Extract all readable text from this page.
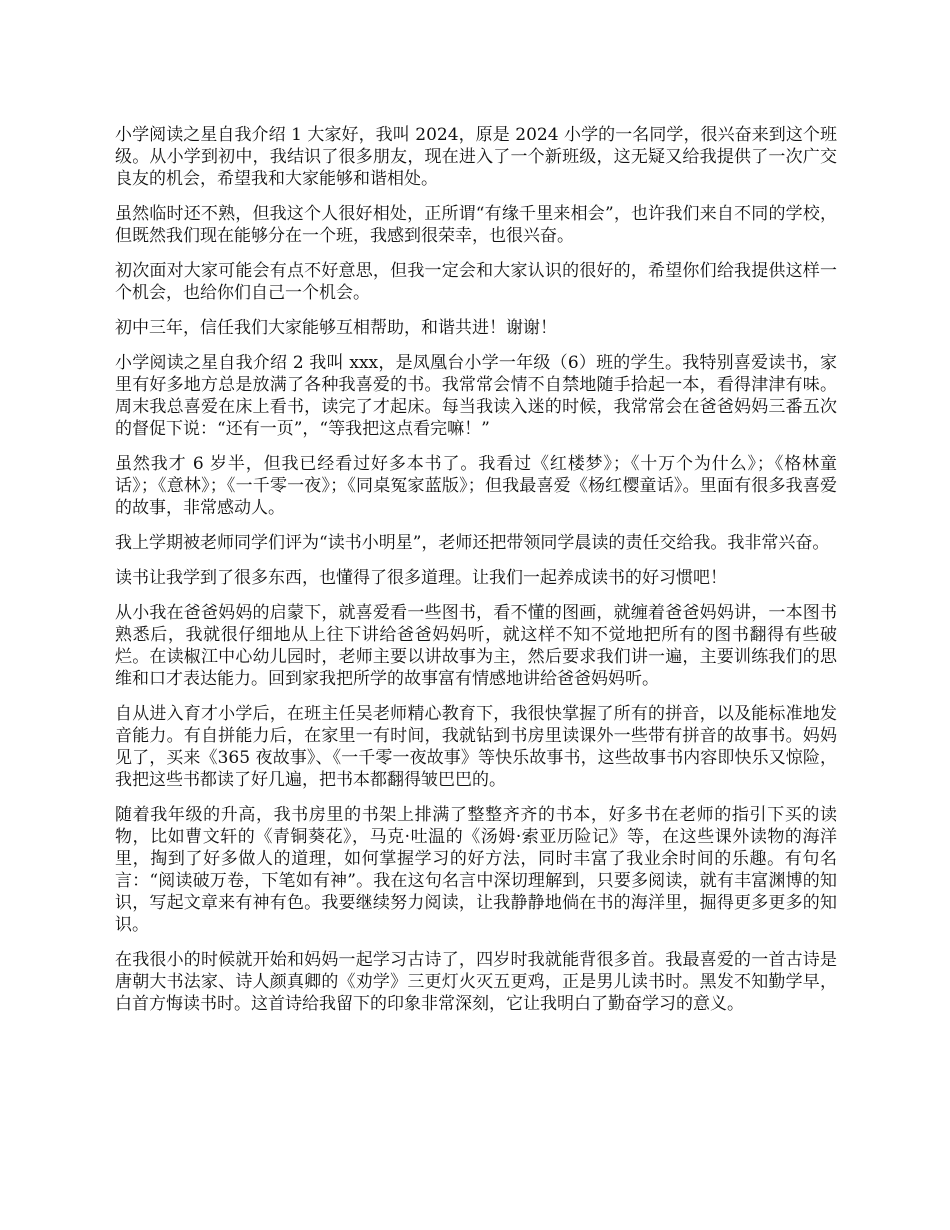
小学阅读之星自我介绍 1 大家好，我叫 2024，原是 2024 小学的一名同学，很兴奋来到这个班级。从小学到初中，我结识了很多朋友，现在进入了一个新班级，这无疑又给我提供了一次广交良友的机会，希望我和大家能够和谐相处。

虽然临时还不熟，但我这个人很好相处，正所谓“有缘千里来相会”，也许我们来自不同的学校，但既然我们现在能够分在一个班，我感到很荣幸，也很兴奋。

初次面对大家可能会有点不好意思，但我一定会和大家认识的很好的，希望你们给我提供这样一个机会，也给你们自己一个机会。

初中三年，信任我们大家能够互相帮助，和谐共进！谢谢！

小学阅读之星自我介绍 2 我叫 xxx，是凤凰台小学一年级（6）班的学生。我特别喜爱读书，家里有好多地方总是放满了各种我喜爱的书。我常常会情不自禁地随手拾起一本，看得津津有味。周末我总喜爱在床上看书，读完了才起床。每当我读入迷的时候，我常常会在爸爸妈妈三番五次的督促下说：“还有一页”，“等我把这点看完嘛！”

虽然我才 6 岁半，但我已经看过好多本书了。我看过《红楼梦》；《十万个为什么》；《格林童话》；《意林》；《一千零一夜》；《同桌冤家蓝版》；但我最喜爱《杨红樱童话》。里面有很多我喜爱的故事，非常感动人。

我上学期被老师同学们评为“读书小明星”，老师还把带领同学晨读的责任交给我。我非常兴奋。

读书让我学到了很多东西，也懂得了很多道理。让我们一起养成读书的好习惯吧！

从小我在爸爸妈妈的启蒙下，就喜爱看一些图书，看不懂的图画，就缠着爸爸妈妈讲，一本图书熟悉后，我就很仔细地从上往下讲给爸爸妈妈听，就这样不知不觉地把所有的图书翻得有些破烂。在读椒江中心幼儿园时，老师主要以讲故事为主，然后要求我们讲一遍，主要训练我们的思维和口才表达能力。回到家我把所学的故事富有情感地讲给爸爸妈妈听。

自从进入育才小学后，在班主任吴老师精心教育下，我很快掌握了所有的拼音，以及能标准地发音能力。有自拼能力后，在家里一有时间，我就钻到书房里读课外一些带有拼音的故事书。妈妈见了，买来《365 夜故事》、《一千零一夜故事》等快乐故事书，这些故事书内容即快乐又惊险，我把这些书都读了好几遍，把书本都翻得皱巴巴的。

随着我年级的升高，我书房里的书架上排满了整整齐齐的书本，好多书在老师的指引下买的读物，比如曹文轩的《青铜葵花》，马克·吐温的《汤姆·索亚历险记》等，在这些课外读物的海洋里，掏到了好多做人的道理，如何掌握学习的好方法，同时丰富了我业余时间的乐趣。有句名言：“阅读破万卷，下笔如有神”。我在这句名言中深切理解到，只要多阅读，就有丰富渊博的知识，写起文章来有神有色。我要继续努力阅读，让我静静地倘在书的海洋里，掘得更多更多的知识。

在我很小的时候就开始和妈妈一起学习古诗了，四岁时我就能背很多首。我最喜爱的一首古诗是唐朝大书法家、诗人颜真卿的《劝学》三更灯火灭五更鸡，正是男儿读书时。黑发不知勤学早，白首方悔读书时。这首诗给我留下的印象非常深刻，它让我明白了勤奋学习的意义。
